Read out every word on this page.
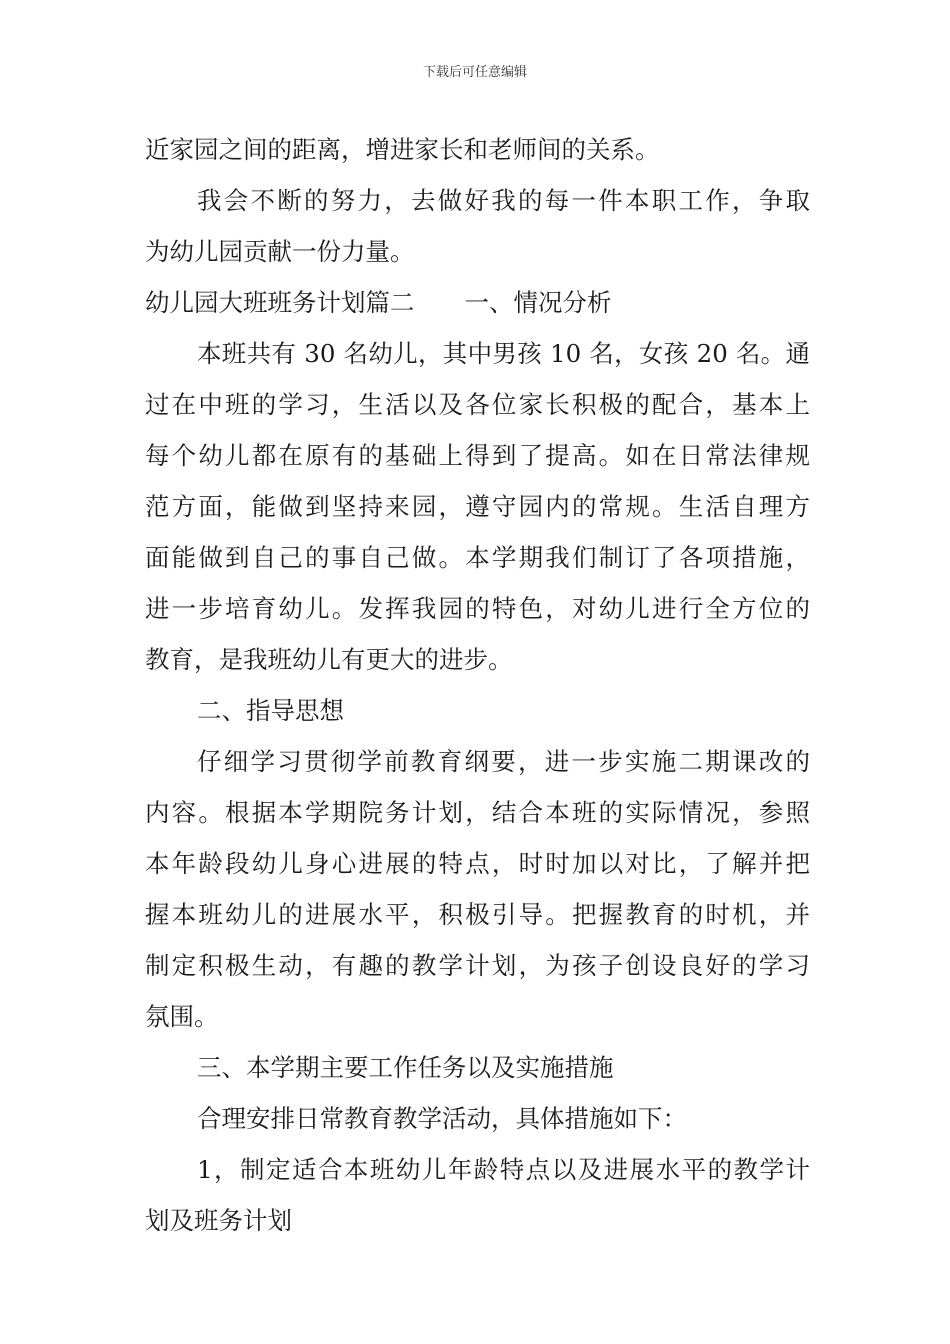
下载后可任意编辑
近家园之间的距离，增进家长和老师间的关系。
我会不断的努力，去做好我的每一件本职工作，争取
为幼儿园贡献一份力量。
幼儿园大班班务计划篇二 一、情况分析
本班共有 30 名幼儿，其中男孩 10 名，女孩 20 名。通
过在中班的学习，生活以及各位家长积极的配合，基本上
每个幼儿都在原有的基础上得到了提高。如在日常法律规
范方面，能做到坚持来园，遵守园内的常规。生活自理方
面能做到自己的事自己做。本学期我们制订了各项措施，
进一步培育幼儿。发挥我园的特色，对幼儿进行全方位的
教育，是我班幼儿有更大的进步。
二、指导思想
仔细学习贯彻学前教育纲要，进一步实施二期课改的
内容。根据本学期院务计划，结合本班的实际情况，参照
本年龄段幼儿身心进展的特点，时时加以对比，了解并把
握本班幼儿的进展水平，积极引导。把握教育的时机，并
制定积极生动，有趣的教学计划，为孩子创设良好的学习
氛围。
三、本学期主要工作任务以及实施措施
合理安排日常教育教学活动，具体措施如下：
1，制定适合本班幼儿年龄特点以及进展水平的教学计
划及班务计划
